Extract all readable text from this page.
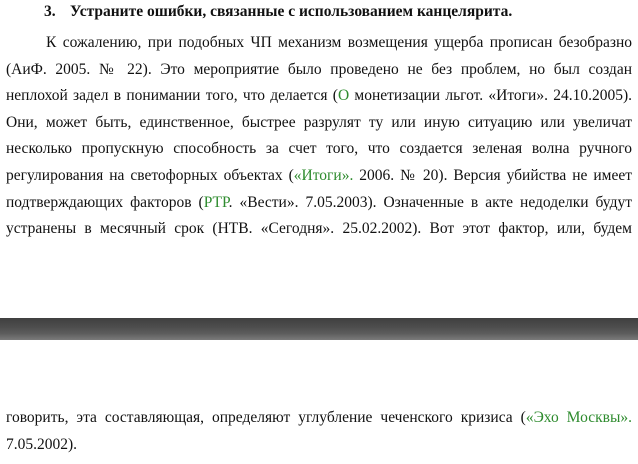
3. Устраните ошибки, связанные с использованием канцелярита.
К сожалению, при подобных ЧП механизм возмещения ущерба прописан безобразно
(АиФ. 2005. № 22). Это мероприятие было проведено не без проблем, но был создан
неплохой задел в понимании того, что делается (О монетизации льгот. «Итоги». 24.10.2005).
Они, может быть, единственное, быстрее разрулят ту или иную ситуацию или увеличат
несколько пропускную способность за счет того, что создается зеленая волна ручного
регулирования на светофорных объектах («Итоги». 2006. № 20). Версия убийства не имеет
подтверждающих факторов (РТР. «Вести». 7.05.2003). Означенные в акте недоделки будут
устранены в месячный срок (НТВ. «Сегодня». 25.02.2002). Вот этот фактор, или, будем
говорить, эта составляющая, определяют углубление чеченского кризиса («Эхо Москвы».
7.05.2002).
